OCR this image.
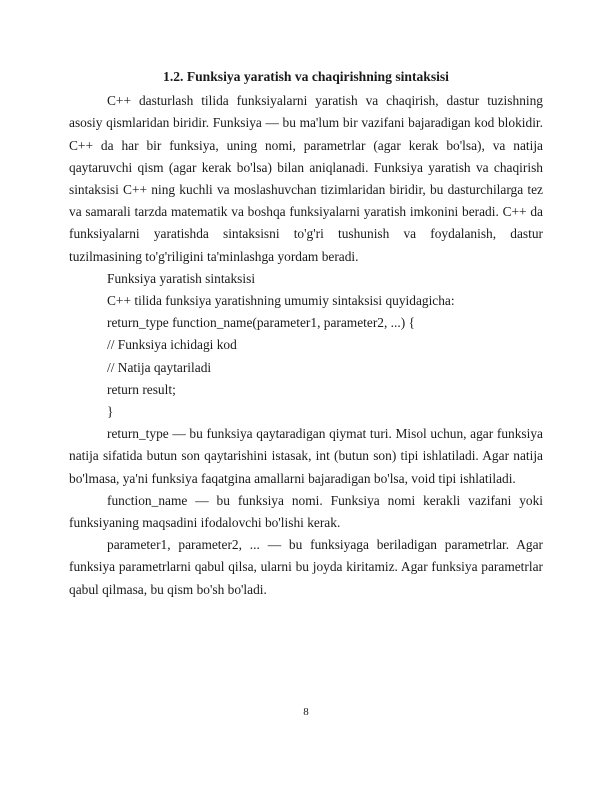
1.2. Funksiya yaratish va chaqirishning sintaksisi

C++ dasturlash tilida funksiyalarni yaratish va chaqirish, dastur tuzishning asosiy qismlaridan biridir. Funksiya — bu ma'lum bir vazifani bajaradigan kod blokidir. C++ da har bir funksiya, uning nomi, parametrlar (agar kerak bo'lsa), va natija qaytaruvchi qism (agar kerak bo'lsa) bilan aniqlanadi. Funksiya yaratish va chaqirish sintaksisi C++ ning kuchli va moslashuvchan tizimlaridan biridir, bu dasturchilarga tez va samarali tarzda matematik va boshqa funksiyalarni yaratish imkonini beradi. C++ da funksiyalarni yaratishda sintaksisni to'g'ri tushunish va foydalanish, dastur tuzilmasining to'g'riligini ta'minlashga yordam beradi.

Funksiya yaratish sintaksisi

C++ tilida funksiya yaratishning umumiy sintaksisi quyidagicha:

return_type function_name(parameter1, parameter2, ...) {

// Funksiya ichidagi kod

// Natija qaytariladi

return result;

}

return_type — bu funksiya qaytaradigan qiymat turi. Misol uchun, agar funksiya natija sifatida butun son qaytarishini istasak, int (butun son) tipi ishlatiladi. Agar natija bo'lmasa, ya'ni funksiya faqatgina amallarni bajaradigan bo'lsa, void tipi ishlatiladi.

function_name — bu funksiya nomi. Funksiya nomi kerakli vazifani yoki funksiyaning maqsadini ifodalovchi bo'lishi kerak.

parameter1, parameter2, ... — bu funksiyaga beriladigan parametrlar. Agar funksiya parametrlarni qabul qilsa, ularni bu joyda kiritamiz. Agar funksiya parametrlar qabul qilmasa, bu qism bo'sh bo'ladi.

8
